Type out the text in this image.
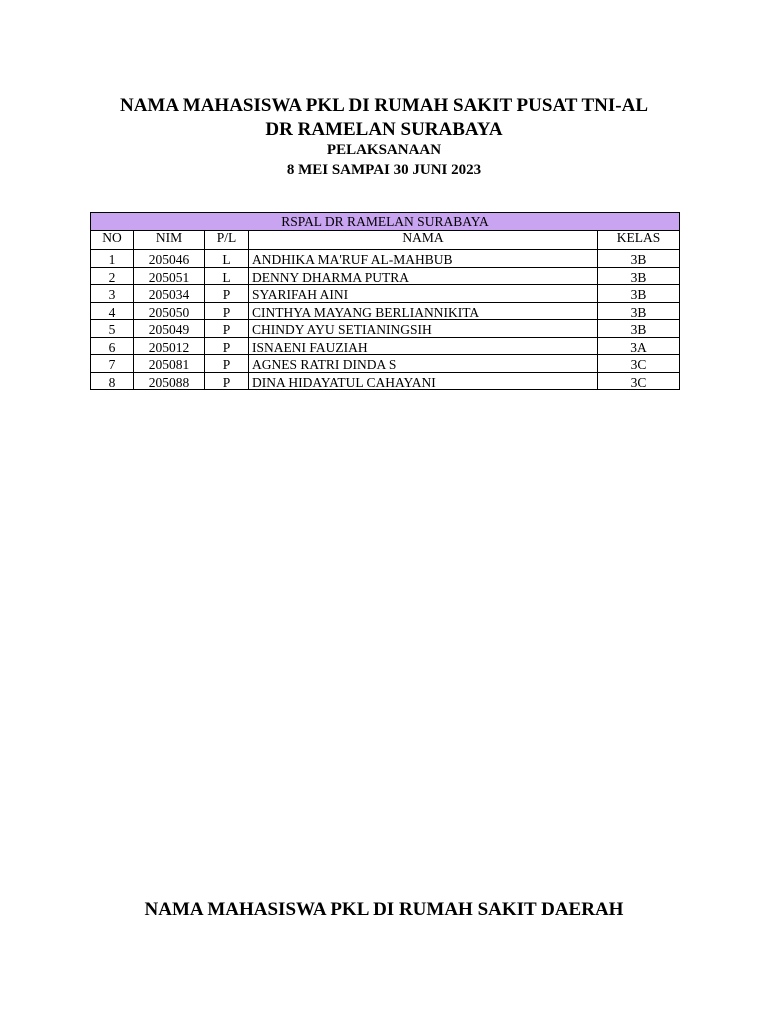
NAMA MAHASISWA PKL DI RUMAH SAKIT PUSAT TNI-AL
DR RAMELAN SURABAYA
PELAKSANAAN
8 MEI SAMPAI 30 JUNI 2023
RSPAL DR RAMELAN SURABAYA				
NO	NIM	P/L	NAMA	KELAS
1	205046	L	ANDHIKA MA'RUF AL-MAHBUB	3B
2	205051	L	DENNY DHARMA PUTRA	3B
3	205034	P	SYARIFAH AINI	3B
4	205050	P	CINTHYA MAYANG BERLIANNIKITA	3B
5	205049	P	CHINDY AYU SETIANINGSIH	3B
6	205012	P	ISNAENI FAUZIAH	3A
7	205081	P	AGNES RATRI DINDA S	3C
8	205088	P	DINA HIDAYATUL CAHAYANI	3C
NAMA MAHASISWA PKL DI RUMAH SAKIT DAERAH
